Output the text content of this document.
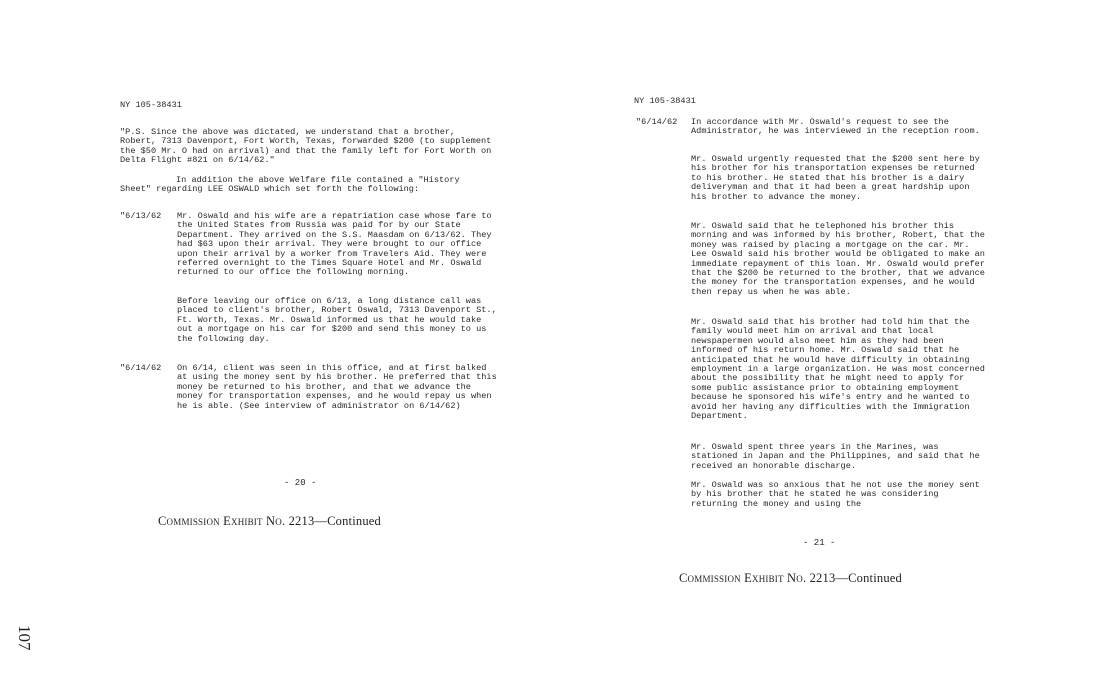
NY 105-38431

"P.S. Since the above was dictated, we understand that a brother, Robert, 7313 Davenport, Fort Worth, Texas, forwarded $200 (to supplement the $50 Mr. O had on arrival) and that the family left for Fort Worth on Delta Flight #821 on 6/14/62."

In addition the above Welfare file contained a "History Sheet" regarding LEE OSWALD which set forth the following:

"6/13/62 Mr. Oswald and his wife are a repatriation case whose fare to the United States from Russia was paid for by our State Department. They arrived on the S.S. Maasdam on 6/13/62. They had $63 upon their arrival. They were brought to our office upon their arrival by a worker from Travelers Aid. They were referred overnight to the Times Square Hotel and Mr. Oswald returned to our office the following morning.

Before leaving our office on 6/13, a long distance call was placed to client's brother, Robert Oswald, 7313 Davenport St., Ft. Worth, Texas. Mr. Oswald informed us that he would take out a mortgage on his car for $200 and send this money to us the following day.

"6/14/62 On 6/14, client was seen in this office, and at first balked at using the money sent by his brother. He preferred that this money be returned to his brother, and that we advance the money for transportation expenses, and he would repay us when he is able. (See interview of administrator on 6/14/62)

- 20 -
Commission Exhibit No. 2213—Continued
NY 105-38431
"6/14/62 In accordance with Mr. Oswald's request to see the Administrator, he was interviewed in the reception room.

Mr. Oswald urgently requested that the $200 sent here by his brother for his transportation expenses be returned to his brother. He stated that his brother is a dairy deliveryman and that it had been a great hardship upon his brother to advance the money.

Mr. Oswald said that he telephoned his brother this morning and was informed by his brother, Robert, that the money was raised by placing a mortgage on the car. Mr. Lee Oswald said his brother would be obligated to make an immediate repayment of this loan. Mr. Oswald would prefer that the $200 be returned to the brother, that we advance the money for the transportation expenses, and he would then repay us when he was able.

Mr. Oswald said that his brother had told him that the family would meet him on arrival and that local newspapermen would also meet him as they had been informed of his return home. Mr. Oswald said that he anticipated that he would have difficulty in obtaining employment in a large organization. He was most concerned about the possibility that he might need to apply for some public assistance prior to obtaining employment because he sponsored his wife's entry and he wanted to avoid her having any difficulties with the Immigration Department.

Mr. Oswald spent three years in the Marines, was stationed in Japan and the Philippines, and said that he received an honorable discharge.

Mr. Oswald was so anxious that he not use the money sent by his brother that he stated he was considering returning the money and using the

- 21 -
Commission Exhibit No. 2213—Continued
107
